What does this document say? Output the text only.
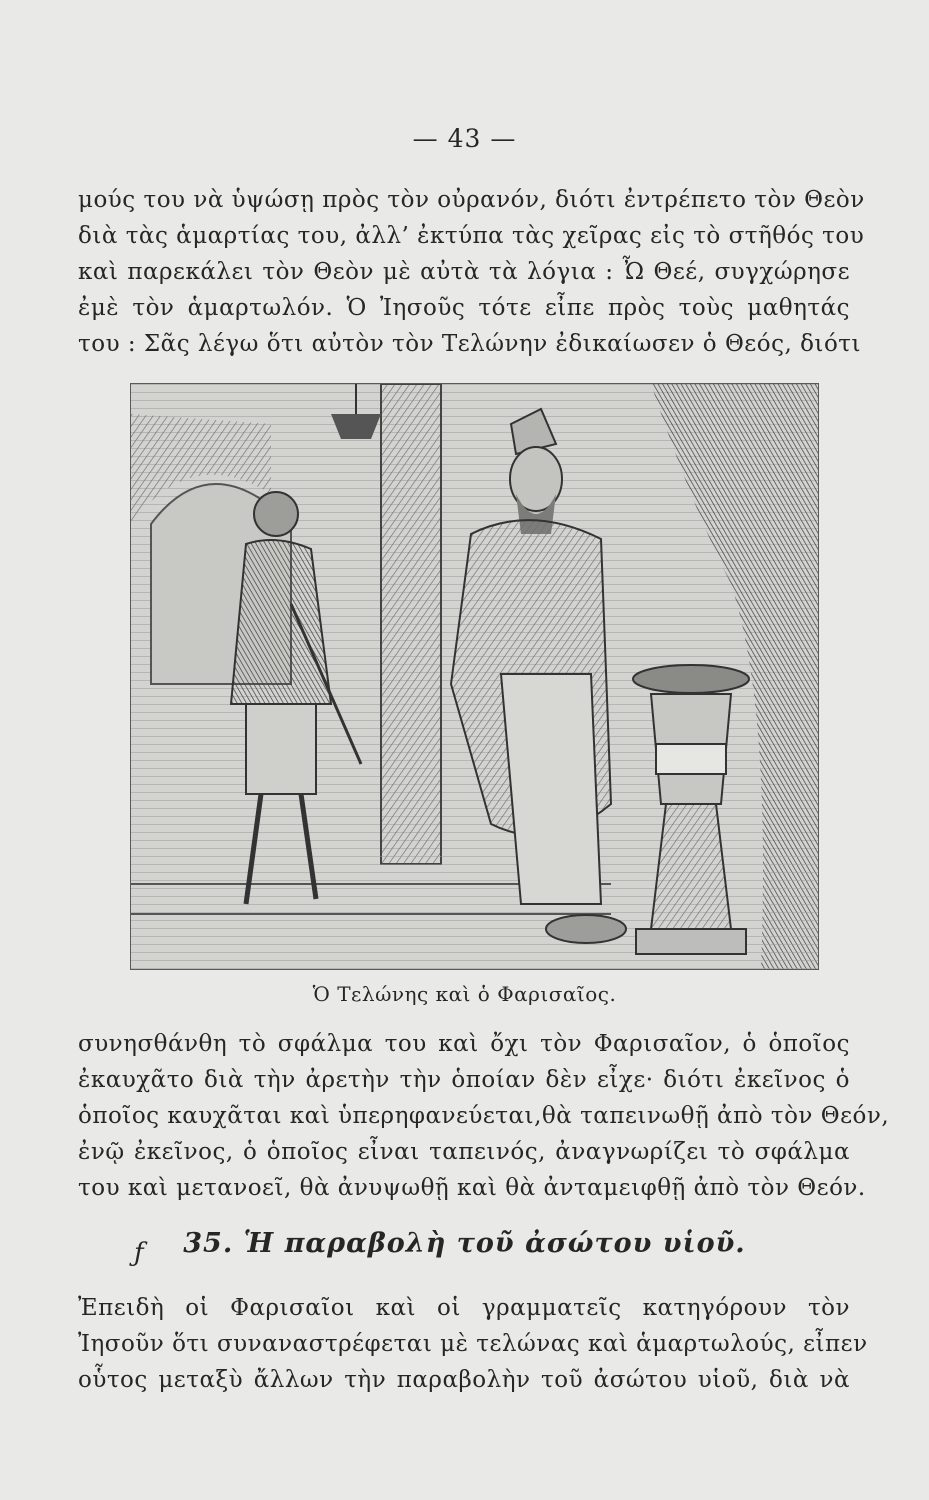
— 43 —
μούς του νὰ ὑψώσῃ πρὸς τὸν οὐρανόν, διότι ἐντρέπετο τὸν Θεὸν
διὰ τὰς ἁμαρτίας του, ἀλλ’ ἐκτύπα τὰς χεῖρας εἰς τὸ στῆθός του
καὶ παρεκάλει τὸν Θεὸν μὲ αὐτὰ τὰ λόγια : Ὦ Θεέ, συγχώρησε
ἐμὲ τὸν ἁμαρτωλόν. Ὁ Ἰησοῦς τότε εἶπε πρὸς τοὺς μαθητάς
του : Σᾶς λέγω ὅτι αὐτὸν τὸν Τελώνην ἐδικαίωσεν ὁ Θεός, διότι
Ὁ Τελώνης καὶ ὁ Φαρισαῖος.
συνησθάνθη τὸ σφάλμα του καὶ ὄχι τὸν Φαρισαῖον, ὁ ὁποῖος
ἐκαυχᾶτο διὰ τὴν ἀρετὴν τὴν ὁποίαν δὲν εἶχε· διότι ἐκεῖνος ὁ
ὁποῖος καυχᾶται καὶ ὑπερηφανεύεται,θὰ ταπεινωθῇ ἀπὸ τὸν Θεόν,
ἐνῷ ἐκεῖνος, ὁ ὁποῖος εἶναι ταπεινός, ἀναγνωρίζει τὸ σφάλμα
του καὶ μετανοεῖ, θὰ ἀνυψωθῇ καὶ θὰ ἀνταμειφθῇ ἀπὸ τὸν Θεόν.
ƒ	35. Ἡ παραβολὴ τοῦ ἀσώτου υἱοῦ.
Ἐπειδὴ οἱ Φαρισαῖοι καὶ οἱ γραμματεῖς κατηγόρουν τὸν
Ἰησοῦν ὅτι συναναστρέφεται μὲ τελώνας καὶ ἁμαρτωλούς, εἶπεν
οὗτος μεταξὺ ἄλλων τὴν παραβολὴν τοῦ ἀσώτου υἱοῦ, διὰ νὰ
